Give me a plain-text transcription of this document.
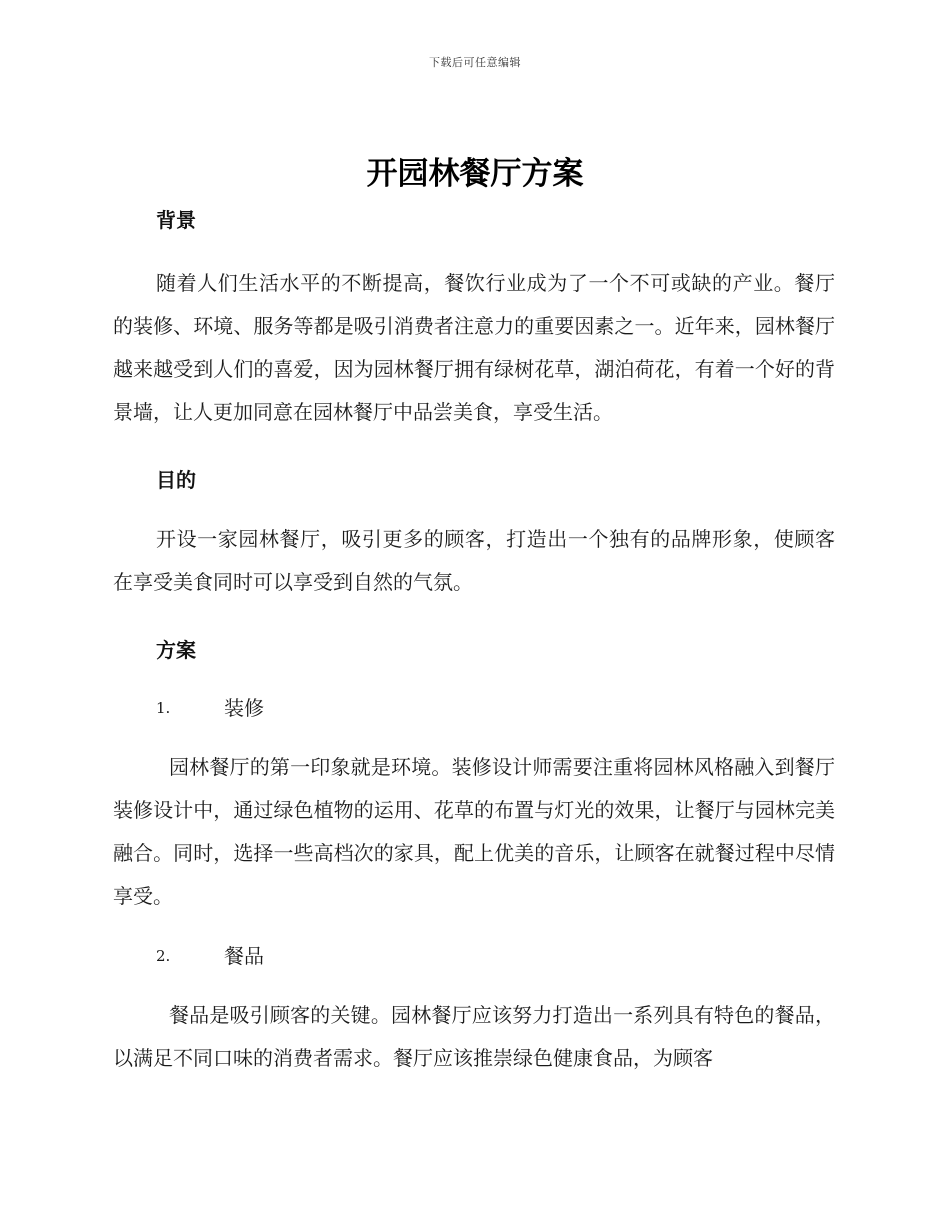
下载后可任意编辑
开园林餐厅方案
背景

随着人们生活水平的不断提高，餐饮行业成为了一个不可或缺的产业。餐厅的装修、环境、服务等都是吸引消费者注意力的重要因素之一。近年来，园林餐厅越来越受到人们的喜爱，因为园林餐厅拥有绿树花草，湖泊荷花，有着一个好的背景墙，让人更加同意在园林餐厅中品尝美食，享受生活。

目的

开设一家园林餐厅，吸引更多的顾客，打造出一个独有的品牌形象，使顾客在享受美食同时可以享受到自然的气氛。

方案
1.	装修

园林餐厅的第一印象就是环境。装修设计师需要注重将园林风格融入到餐厅装修设计中，通过绿色植物的运用、花草的布置与灯光的效果，让餐厅与园林完美融合。同时，选择一些高档次的家具，配上优美的音乐，让顾客在就餐过程中尽情享受。

2.	餐品

餐品是吸引顾客的关键。园林餐厅应该努力打造出一系列具有特色的餐品，以满足不同口味的消费者需求。餐厅应该推崇绿色健康食品，为顾客
